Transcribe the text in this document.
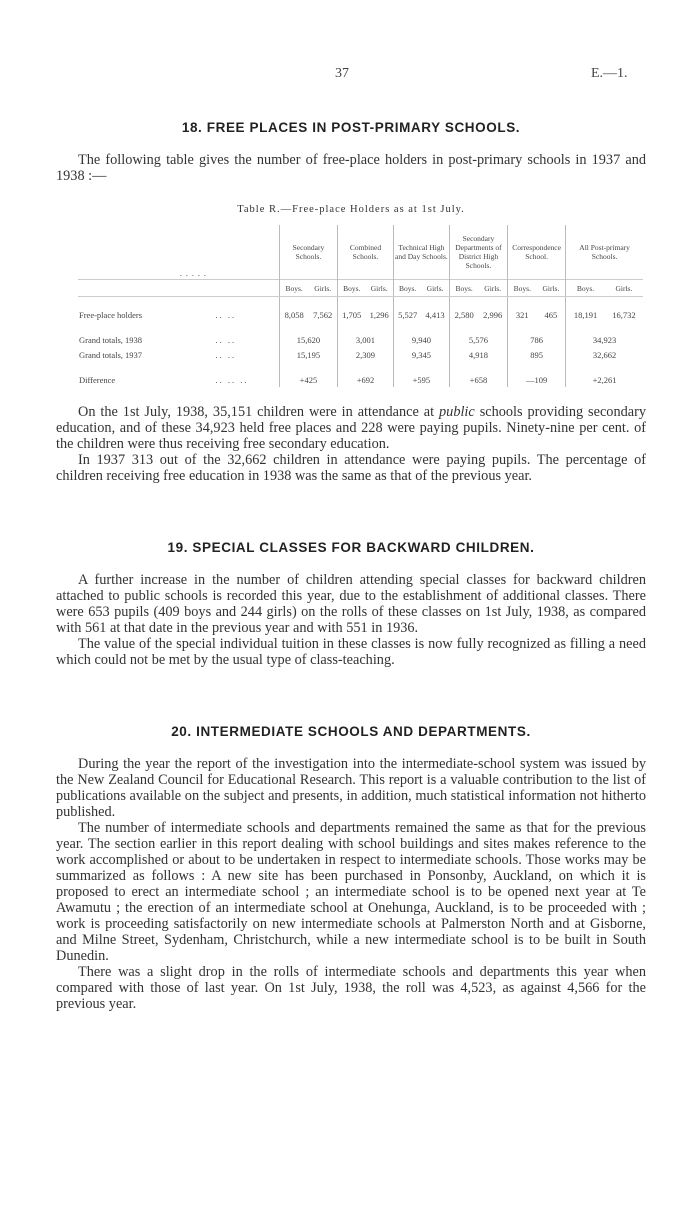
37	E.—1.
18. FREE PLACES IN POST-PRIMARY SCHOOLS.

The following table gives the number of free-place holders in post-primary schools in 1937 and 1938 :—

Table R.—Free-place Holders as at 1st July.
. . . . .		Secondary Schools.		Combined Schools.		Technical High and Day Schools.		Secondary Departments of District High Schools.		Correspondence School.		All Post-primary Schools.	
		Boys.	Girls.	Boys.	Girls.	Boys.	Girls.	Boys.	Girls.	Boys.	Girls.	Boys.	Girls.

Free-place holders	.. ..	8,058	7,562	1,705	1,296	5,527	4,413	2,580	2,996	321	465	18,191	16,732

Grand totals, 1938	.. ..	15,620		3,001		9,940		5,576		786		34,923	
Grand totals, 1937	.. ..	15,195		2,309		9,345		4,918		895		32,662	

Difference	.. .. ..	+425		+692		+595		+658		—109		+2,261	

On the 1st July, 1938, 35,151 children were in attendance at public schools providing secondary education, and of these 34,923 held free places and 228 were paying pupils. Ninety-nine per cent. of the children were thus receiving free secondary education.

In 1937 313 out of the 32,662 children in attendance were paying pupils. The percentage of children receiving free education in 1938 was the same as that of the previous year.

19. SPECIAL CLASSES FOR BACKWARD CHILDREN.

A further increase in the number of children attending special classes for backward children attached to public schools is recorded this year, due to the establishment of additional classes. There were 653 pupils (409 boys and 244 girls) on the rolls of these classes on 1st July, 1938, as compared with 561 at that date in the previous year and with 551 in 1936.

The value of the special individual tuition in these classes is now fully recognized as filling a need which could not be met by the usual type of class-teaching.

20. INTERMEDIATE SCHOOLS AND DEPARTMENTS.

During the year the report of the investigation into the intermediate-school system was issued by the New Zealand Council for Educational Research. This report is a valuable contribution to the list of publications available on the subject and presents, in addition, much statistical information not hitherto published.

The number of intermediate schools and departments remained the same as that for the previous year. The section earlier in this report dealing with school buildings and sites makes reference to the work accomplished or about to be undertaken in respect to intermediate schools. Those works may be summarized as follows : A new site has been purchased in Ponsonby, Auckland, on which it is proposed to erect an intermediate school ; an intermediate school is to be opened next year at Te Awamutu ; the erection of an intermediate school at Onehunga, Auckland, is to be proceeded with ; work is proceeding satisfactorily on new intermediate schools at Palmerston North and at Gisborne, and Milne Street, Sydenham, Christchurch, while a new intermediate school is to be built in South Dunedin.

There was a slight drop in the rolls of intermediate schools and departments this year when compared with those of last year. On 1st July, 1938, the roll was 4,523, as against 4,566 for the previous year.
